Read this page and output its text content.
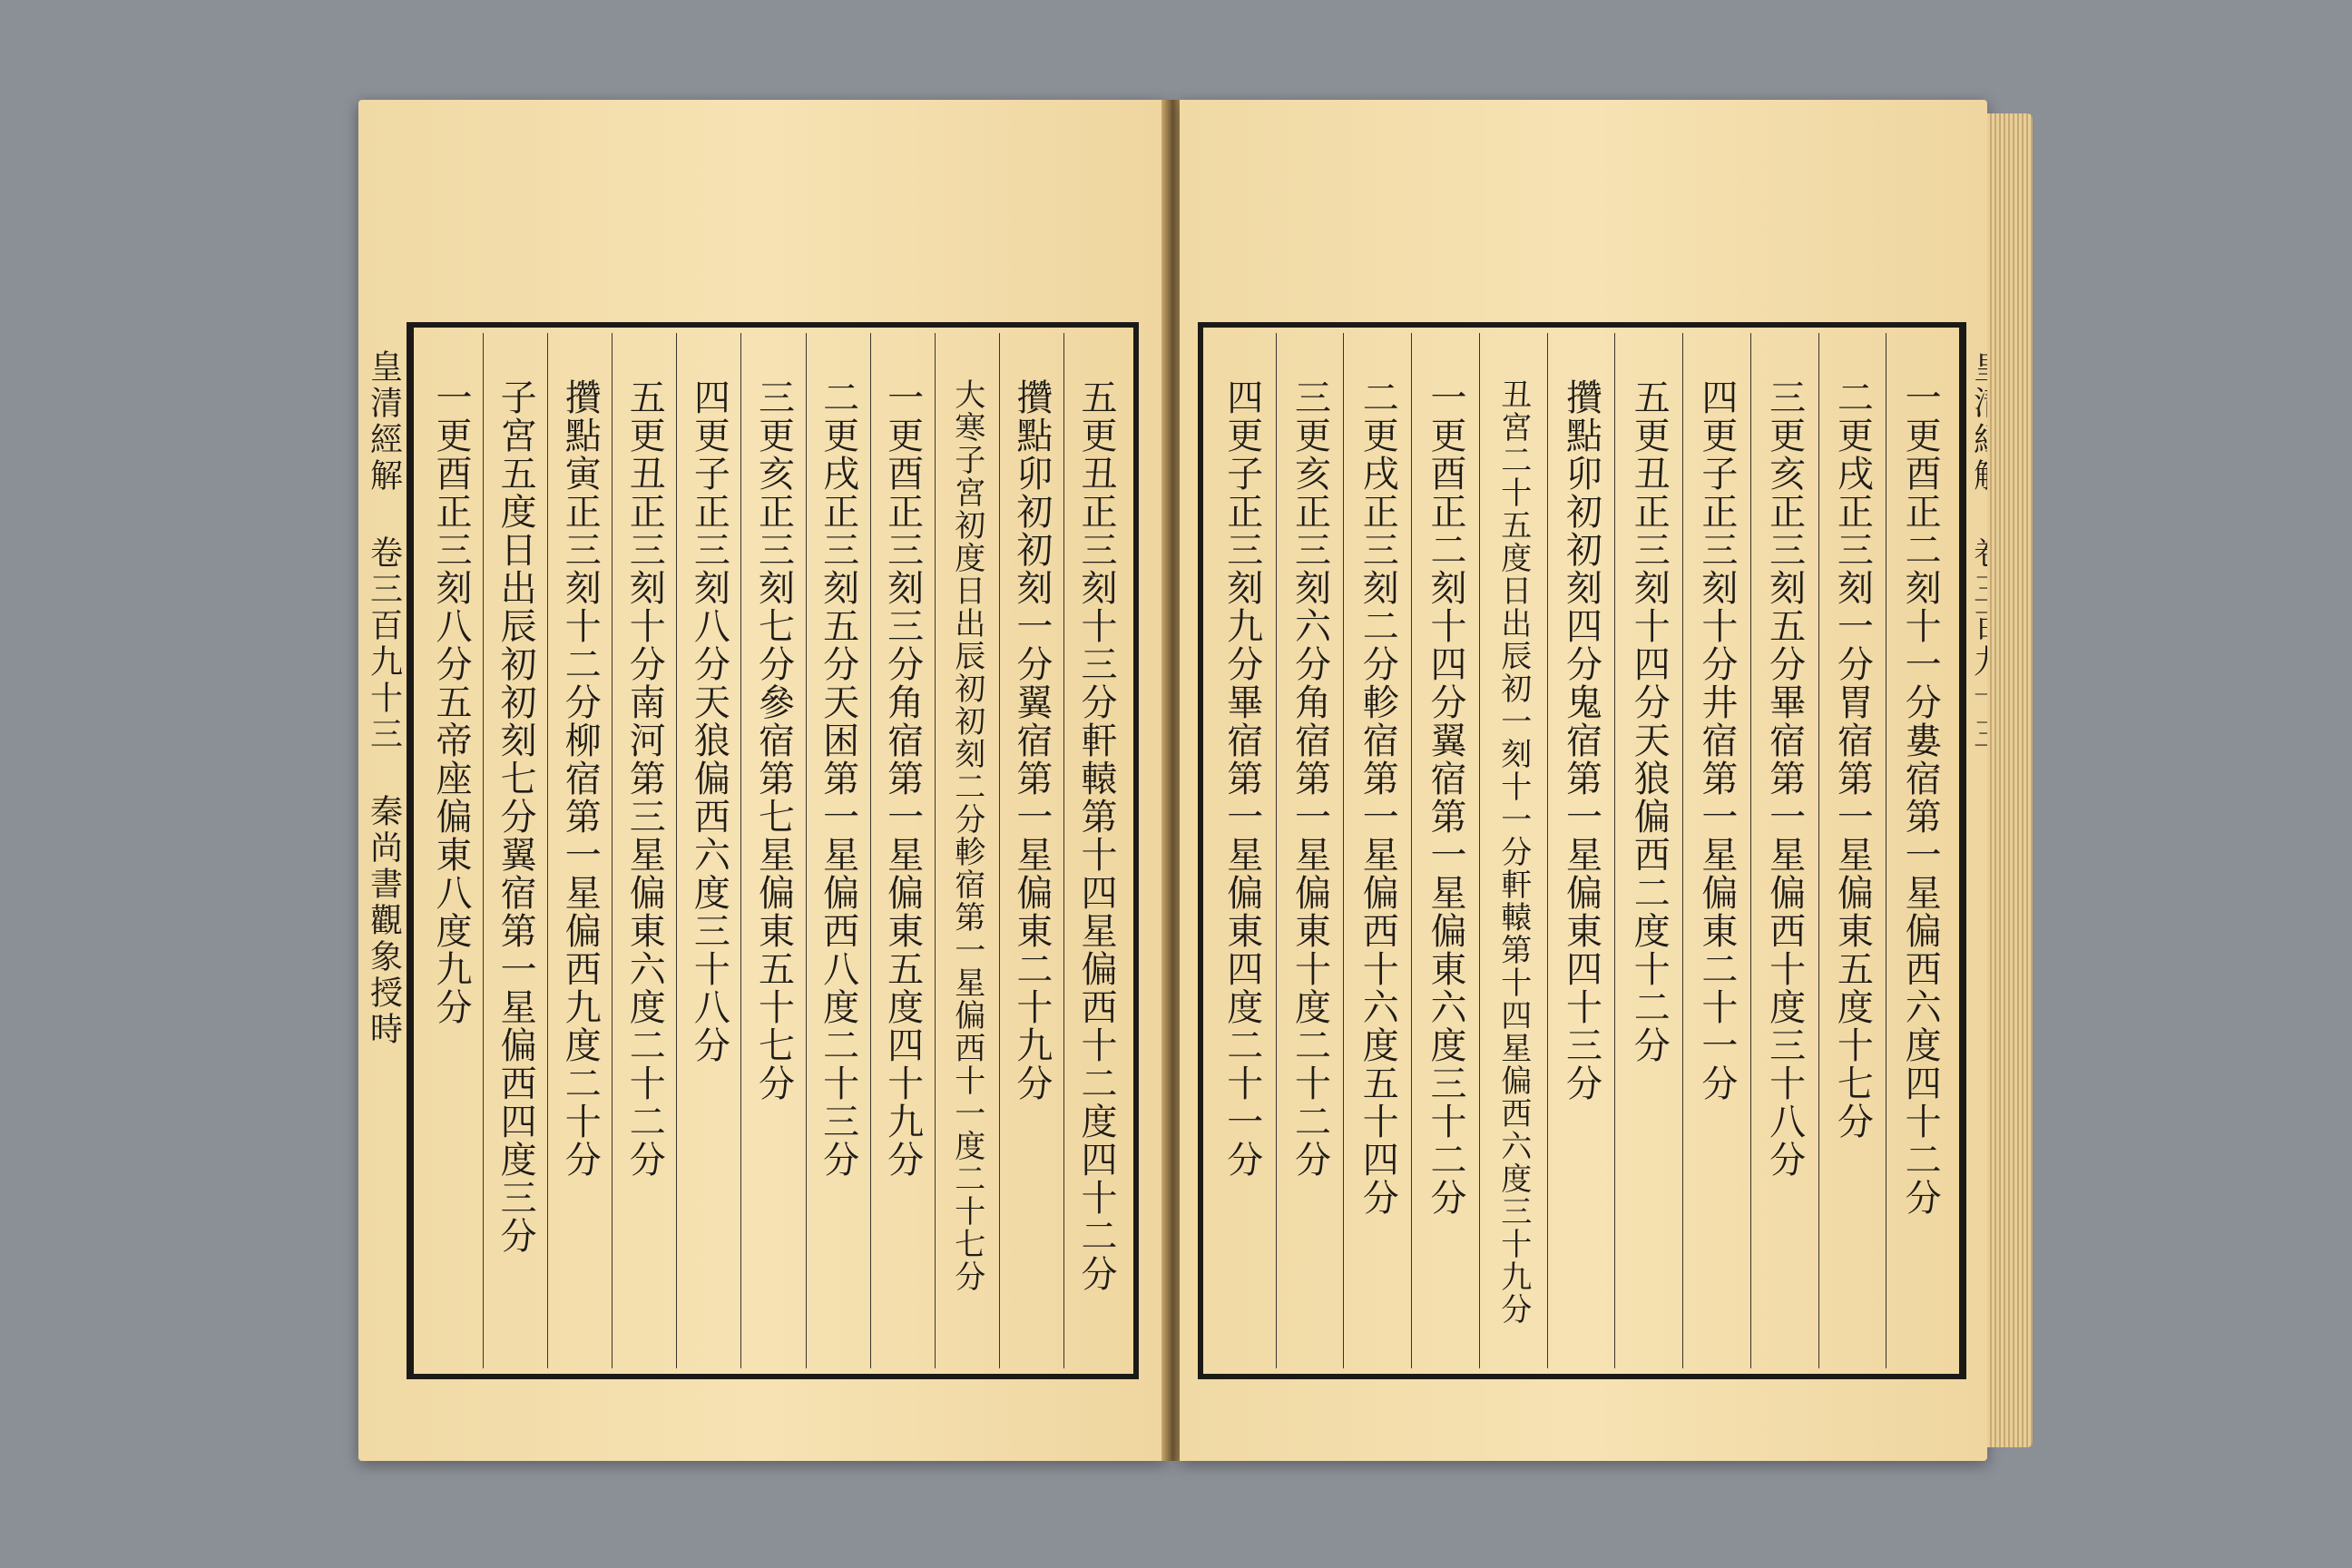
皇清經解 卷三百九十三 秦尚書觀象授時	五更丑正三刻十三分軒轅第十四星偏西十二度四十二分
攢點卯初初刻一分翼宿第一星偏東二十九分
大寒子宮初度日出辰初初刻二分軫宿第一星偏西十一度二十七分
一更酉正三刻三分角宿第一星偏東五度四十九分
二更戌正三刻五分天困第一星偏西八度二十三分
三更亥正三刻七分參宿第七星偏東五十七分
四更子正三刻八分天狼偏西六度三十八分
五更丑正三刻十分南河第三星偏東六度二十二分
攢點寅正三刻十二分柳宿第一星偏西九度二十分
子宮五度日出辰初初刻七分翼宿第一星偏西四度三分
一更酉正三刻八分五帝座偏東八度九分	一更酉正二刻十一分婁宿第一星偏西六度四十二分
二更戌正三刻一分胃宿第一星偏東五度十七分
三更亥正三刻五分畢宿第一星偏西十度三十八分
四更子正三刻十分井宿第一星偏東二十一分
五更丑正三刻十四分天狼偏西二度十二分
攢點卯初初刻四分鬼宿第一星偏東四十三分
丑宮二十五度日出辰初一刻十一分軒轅第十四星偏西六度三十九分
一更酉正二刻十四分翼宿第一星偏東六度三十二分
二更戌正三刻二分軫宿第一星偏西十六度五十四分
三更亥正三刻六分角宿第一星偏東十度二十二分
四更子正三刻九分畢宿第一星偏東四度二十一分
